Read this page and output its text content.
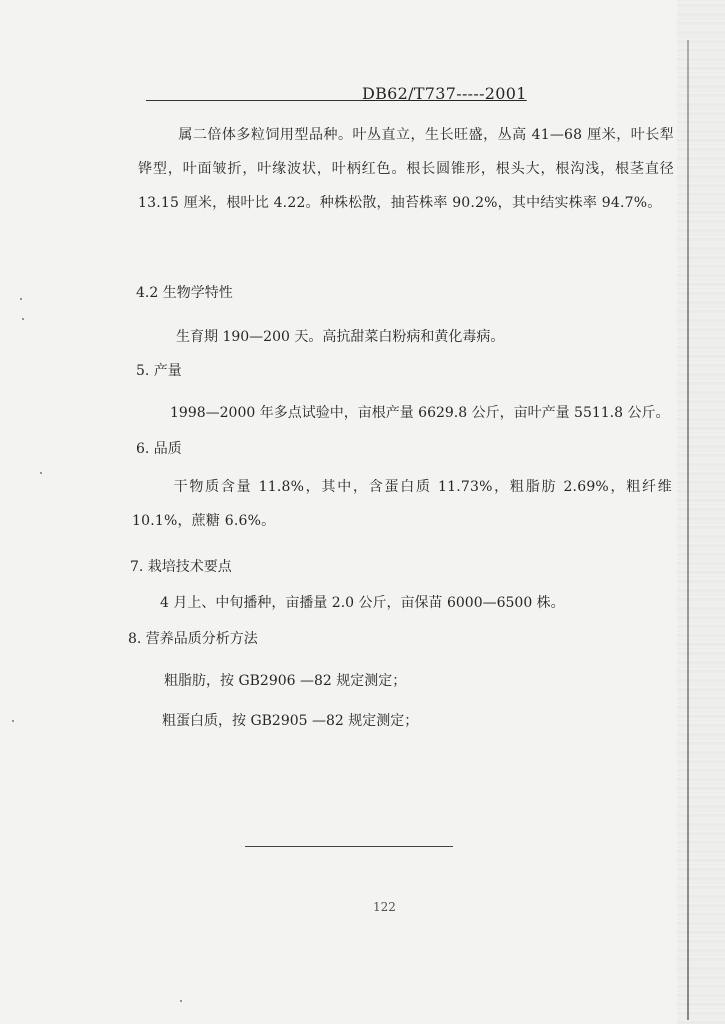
DB62/T737-----2001

属二倍体多粒饲用型品种。叶丛直立，生长旺盛，丛高 41—68 厘米，叶长犁铧型，叶面皱折，叶缘波状，叶柄红色。根长圆锥形，根头大，根沟浅，根茎直径 13.15 厘米，根叶比 4.22。种株松散，抽苔株率 90.2%，其中结实株率 94.7%。

4.2 生物学特性

生育期 190—200 天。高抗甜菜白粉病和黄化毒病。

5. 产量

1998—2000 年多点试验中，亩根产量 6629.8 公斤，亩叶产量 5511.8 公斤。

6. 品质

干物质含量 11.8%，其中，含蛋白质 11.73%，粗脂肪 2.69%，粗纤维 10.1%，蔗糖 6.6%。

7. 栽培技术要点

4 月上、中旬播种，亩播量 2.0 公斤，亩保苗 6000—6500 株。

8. 营养品质分析方法

粗脂肪，按 GB2906 —82 规定测定；

粗蛋白质，按 GB2905 —82 规定测定；

122
